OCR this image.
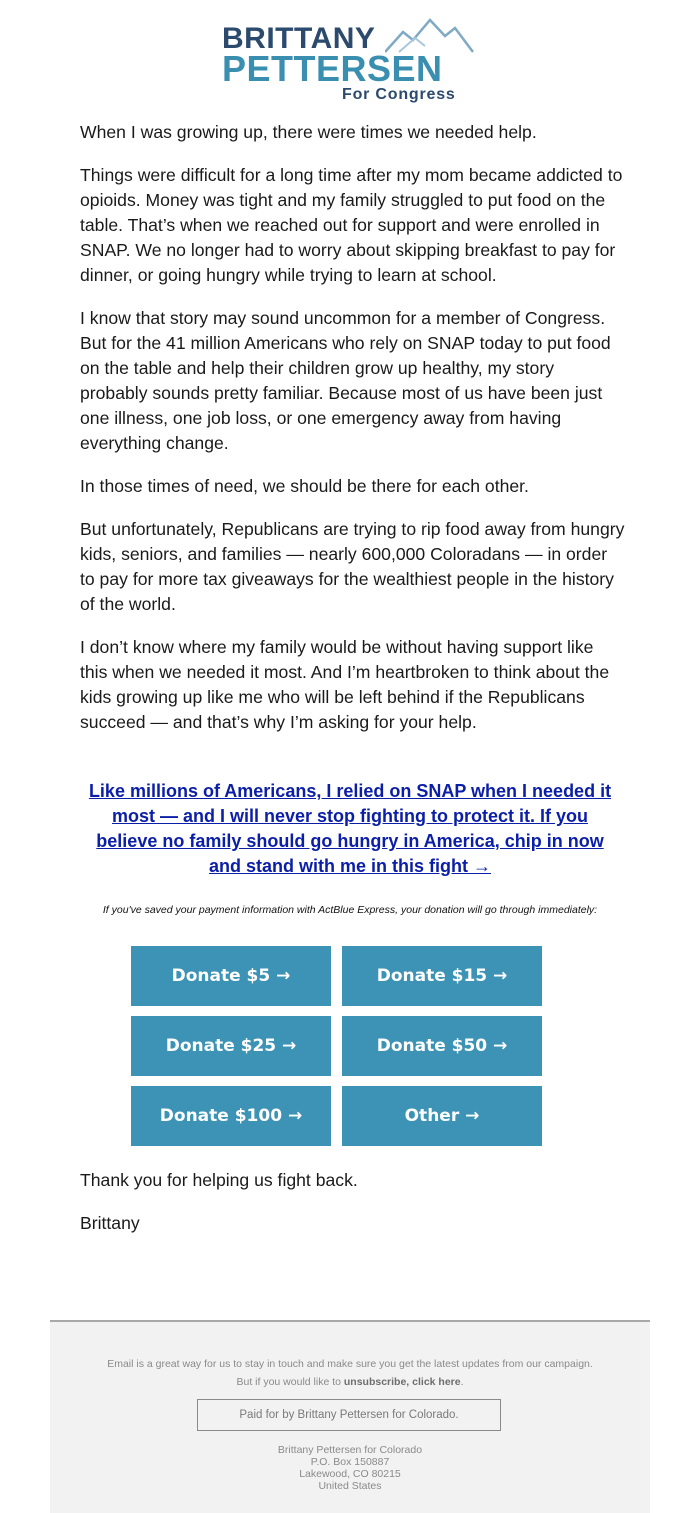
BRITTANY
PETTERSEN
For Congress

When I was growing up, there were times we needed help.

Things were difficult for a long time after my mom became addicted to opioids. Money was tight and my family struggled to put food on the table. That’s when we reached out for support and were enrolled in SNAP. We no longer had to worry about skipping breakfast to pay for dinner, or going hungry while trying to learn at school.

I know that story may sound uncommon for a member of Congress. But for the 41 million Americans who rely on SNAP today to put food on the table and help their children grow up healthy, my story probably sounds pretty familiar. Because most of us have been just one illness, one job loss, or one emergency away from having everything change.

In those times of need, we should be there for each other.

But unfortunately, Republicans are trying to rip food away from hungry kids, seniors, and families — nearly 600,000 Coloradans — in order to pay for more tax giveaways for the wealthiest people in the history of the world.

I don’t know where my family would be without having support like this when we needed it most. And I’m heartbroken to think about the kids growing up like me who will be left behind if the Republicans succeed — and that’s why I’m asking for your help.

Like millions of Americans, I relied on SNAP when I needed it most — and I will never stop fighting to protect it. If you believe no family should go hungry in America, chip in now and stand with me in this fight →
If you've saved your payment information with ActBlue Express, your donation will go through immediately:
Donate $5 →	Donate $15 →
Donate $25 →	Donate $50 →
Donate $100 →	Other →

Thank you for helping us fight back.

Brittany

Email is a great way for us to stay in touch and make sure you get the latest updates from our campaign.
But if you would like to unsubscribe, click here.
Paid for by Brittany Pettersen for Colorado.
Brittany Pettersen for Colorado
P.O. Box 150887
Lakewood, CO 80215
United States
